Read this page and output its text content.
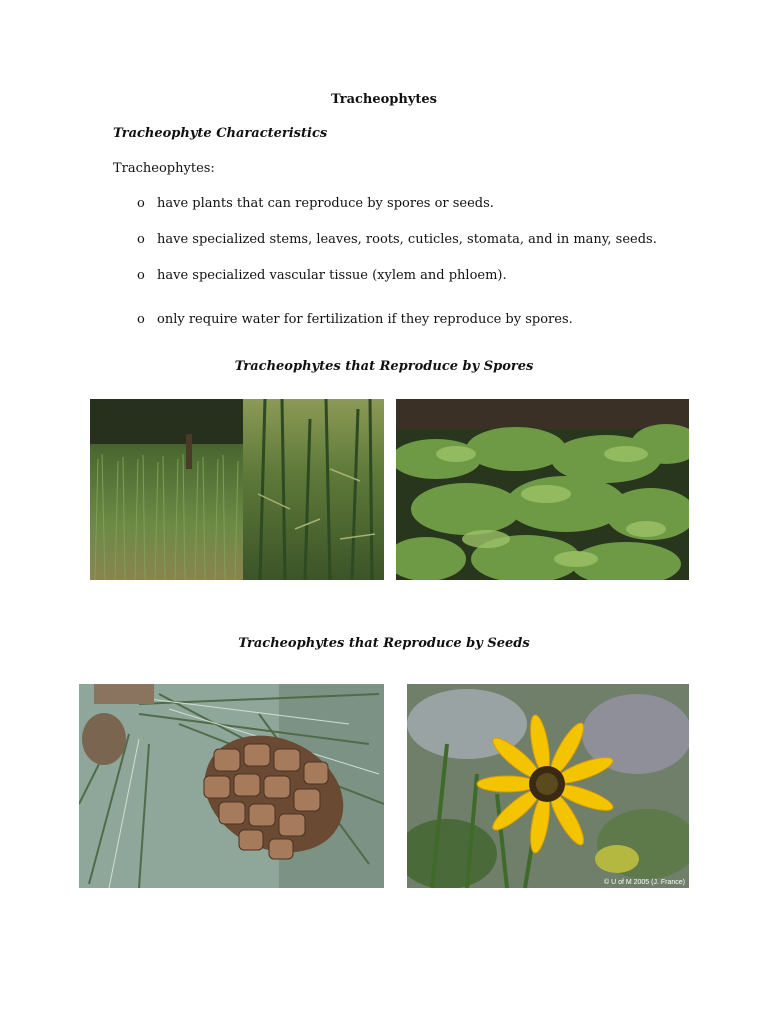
Tracheophytes
Tracheophyte Characteristics
Tracheophytes:
o have plants that can reproduce by spores or seeds.
o have specialized stems, leaves, roots, cuticles, stomata, and in many, seeds.
o have specialized vascular tissue (xylem and phloem).
o only require water for fertilization if they reproduce by spores.
Tracheophytes that Reproduce by Spores
Tracheophytes that Reproduce by Seeds
© U of M 2005 (J. France)
